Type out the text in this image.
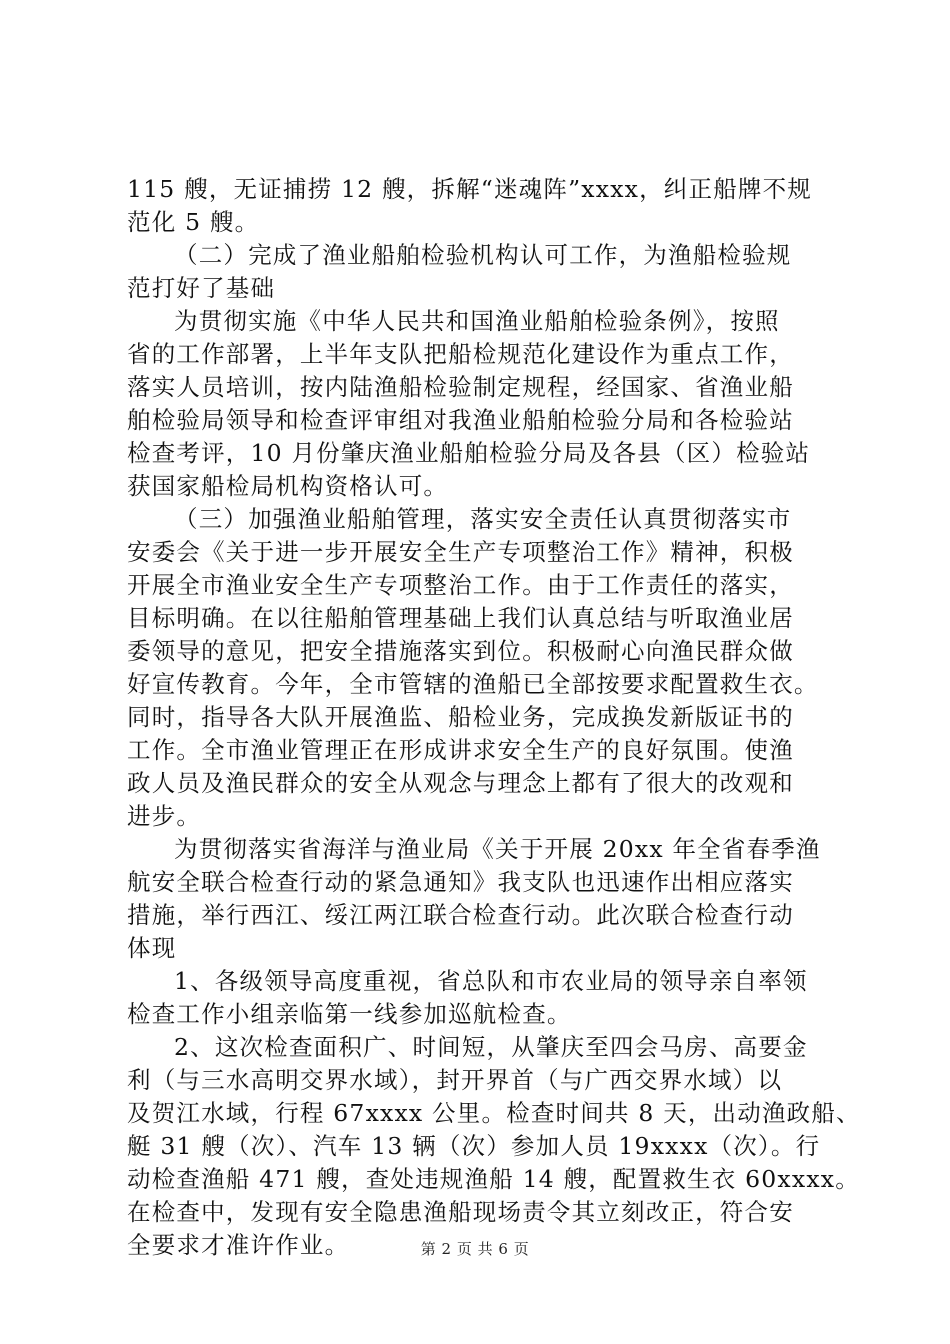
115 艘，无证捕捞 12 艘，拆解“迷魂阵”xxxx，纠正船牌不规
范化 5 艘。
（二）完成了渔业船舶检验机构认可工作，为渔船检验规
范打好了基础
为贯彻实施《中华人民共和国渔业船舶检验条例》，按照
省的工作部署，上半年支队把船检规范化建设作为重点工作，
落实人员培训，按内陆渔船检验制定规程，经国家、省渔业船
舶检验局领导和检查评审组对我渔业船舶检验分局和各检验站
检查考评，10 月份肇庆渔业船舶检验分局及各县（区）检验站
获国家船检局机构资格认可。
（三）加强渔业船舶管理，落实安全责任认真贯彻落实市
安委会《关于进一步开展安全生产专项整治工作》精神，积极
开展全市渔业安全生产专项整治工作。由于工作责任的落实，
目标明确。在以往船舶管理基础上我们认真总结与听取渔业居
委领导的意见，把安全措施落实到位。积极耐心向渔民群众做
好宣传教育。今年，全市管辖的渔船已全部按要求配置救生衣。
同时，指导各大队开展渔监、船检业务，完成换发新版证书的
工作。全市渔业管理正在形成讲求安全生产的良好氛围。使渔
政人员及渔民群众的安全从观念与理念上都有了很大的改观和
进步。
为贯彻落实省海洋与渔业局《关于开展 20xx 年全省春季渔
航安全联合检查行动的紧急通知》我支队也迅速作出相应落实
措施，举行西江、绥江两江联合检查行动。此次联合检查行动
体现
1、各级领导高度重视，省总队和市农业局的领导亲自率领
检查工作小组亲临第一线参加巡航检查。
2、这次检查面积广、时间短，从肇庆至四会马房、高要金
利（与三水高明交界水域），封开界首（与广西交界水域）以
及贺江水域，行程 67xxxx 公里。检查时间共 8 天，出动渔政船、
艇 31 艘（次）、汽车 13 辆（次）参加人员 19xxxx（次）。行
动检查渔船 471 艘，查处违规渔船 14 艘，配置救生衣 60xxxx。
在检查中，发现有安全隐患渔船现场责令其立刻改正，符合安
全要求才准许作业。	第 2 页 共 6 页
